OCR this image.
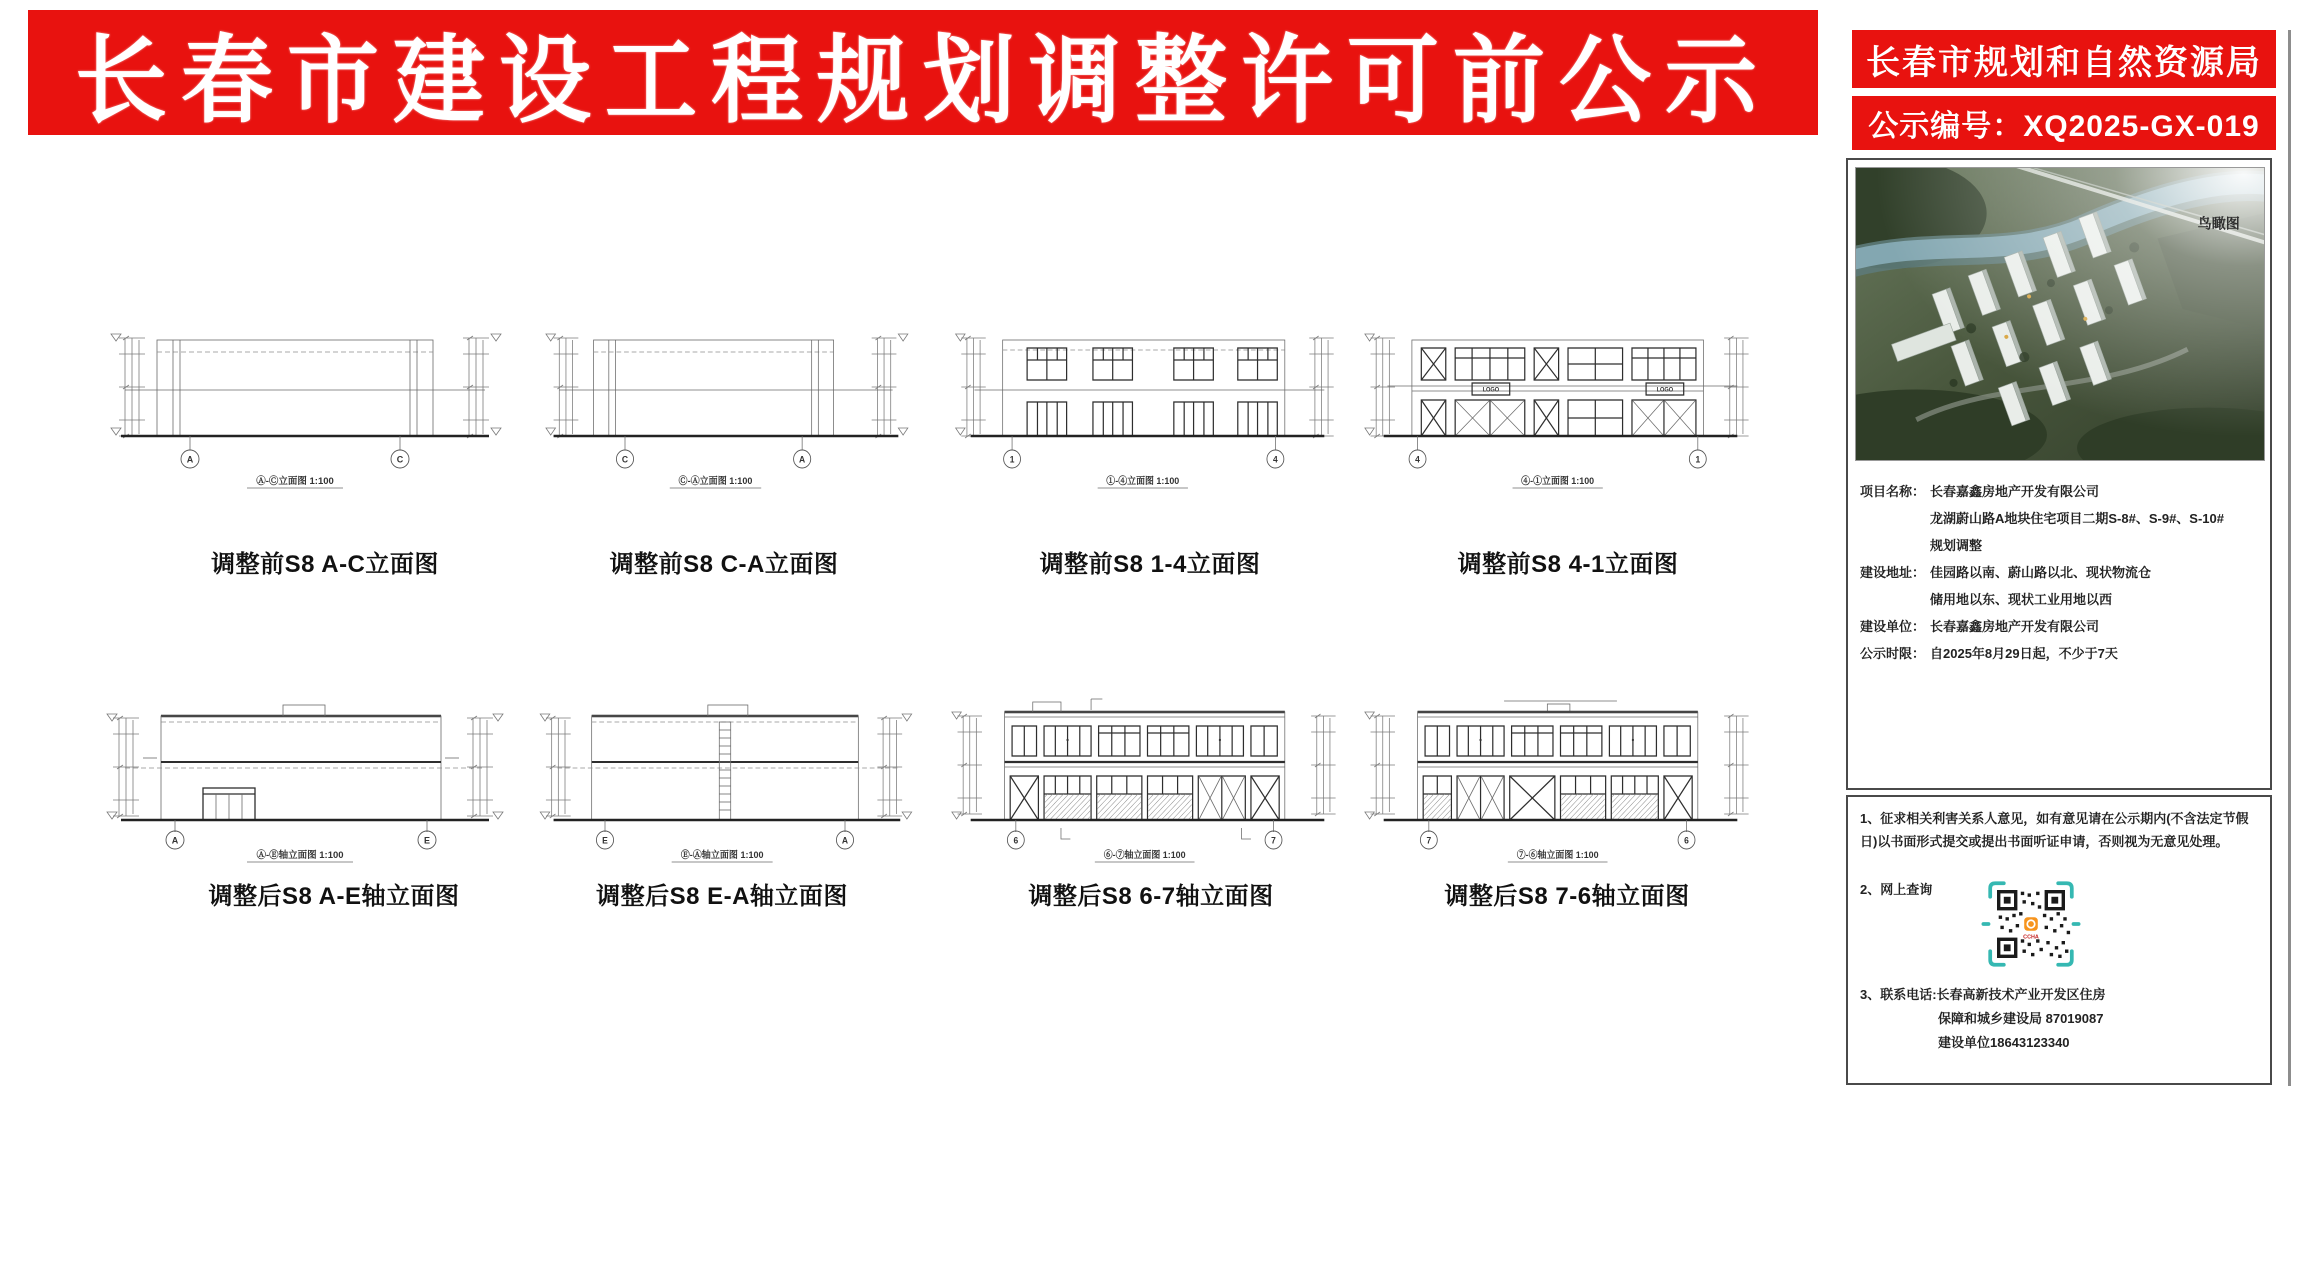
长春市建设工程规划调整许可前公示	长春市规划和自然资源局
公示编号：XQ2025-GX-019
鸟瞰图
项目名称： 长春嘉鑫房地产开发有限公司
龙湖蔚山路A地块住宅项目二期S-8#、S-9#、S-10#
规划调整
建设地址： 佳园路以南、蔚山路以北、现状物流仓
储用地以东、现状工业用地以西
建设单位： 长春嘉鑫房地产开发有限公司
公示时限： 自2025年8月29日起，不少于7天
1、征求相关利害关系人意见，如有意见请在公示期内(不含法定节假日)以书面形式提交或提出书面听证申请，否则视为无意见处理。
2、网上查询
CCHA
3、联系电话:长春高新技术产业开发区住房
保障和城乡建设局 87019087
建设单位18643123340
A	C
Ⓐ-Ⓒ立面图 1:100
C	A
Ⓒ-Ⓐ立面图 1:100
1	4
①-④立面图 1:100
LOGO	LOGO
4	1
④-①立面图 1:100
A	E
Ⓐ-Ⓔ轴立面图 1:100
E	A
Ⓔ-Ⓐ轴立面图 1:100
6	7
⑥-⑦轴立面图 1:100
7	6
⑦-⑥轴立面图 1:100
调整前S8 A-C立面图	调整前S8 C-A立面图	调整前S8 1-4立面图	调整前S8 4-1立面图
调整后S8 A-E轴立面图	调整后S8 E-A轴立面图	调整后S8 6-7轴立面图	调整后S8 7-6轴立面图
